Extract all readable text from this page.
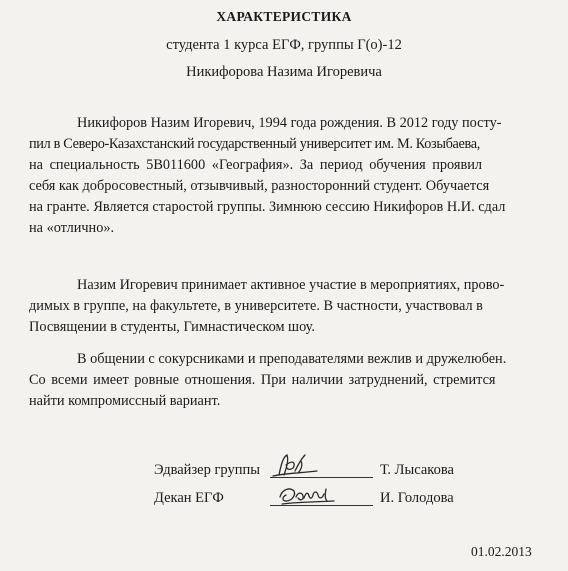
ХАРАКТЕРИСТИКА
студента 1 курса ЕГФ, группы Г(о)-12
Никифорова Назима Игоревича
Никифоров Назим Игоревич, 1994 года рождения. В 2012 году посту-
пил в Северо-Казахстанский государственный университет им. М. Козыбаева,
на специальность 5B011600 «География». За период обучения проявил
себя как добросовестный, отзывчивый, разносторонний студент. Обучается
на гранте. Является старостой группы. Зимнюю сессию Никифоров Н.И. сдал
на «отлично».
Назим Игоревич принимает активное участие в мероприятиях, прово-
димых в группе, на факультете, в университете. В частности, участвовал в
Посвящении в студенты, Гимнастическом шоу.
В общении с сокурсниками и преподавателями вежлив и дружелюбен.
Со всеми имеет ровные отношения. При наличии затруднений, стремится
найти компромиссный вариант.
Эдвайзер группы	Т. Лысакова
Декан ЕГФ	И. Голодова
01.02.2013
